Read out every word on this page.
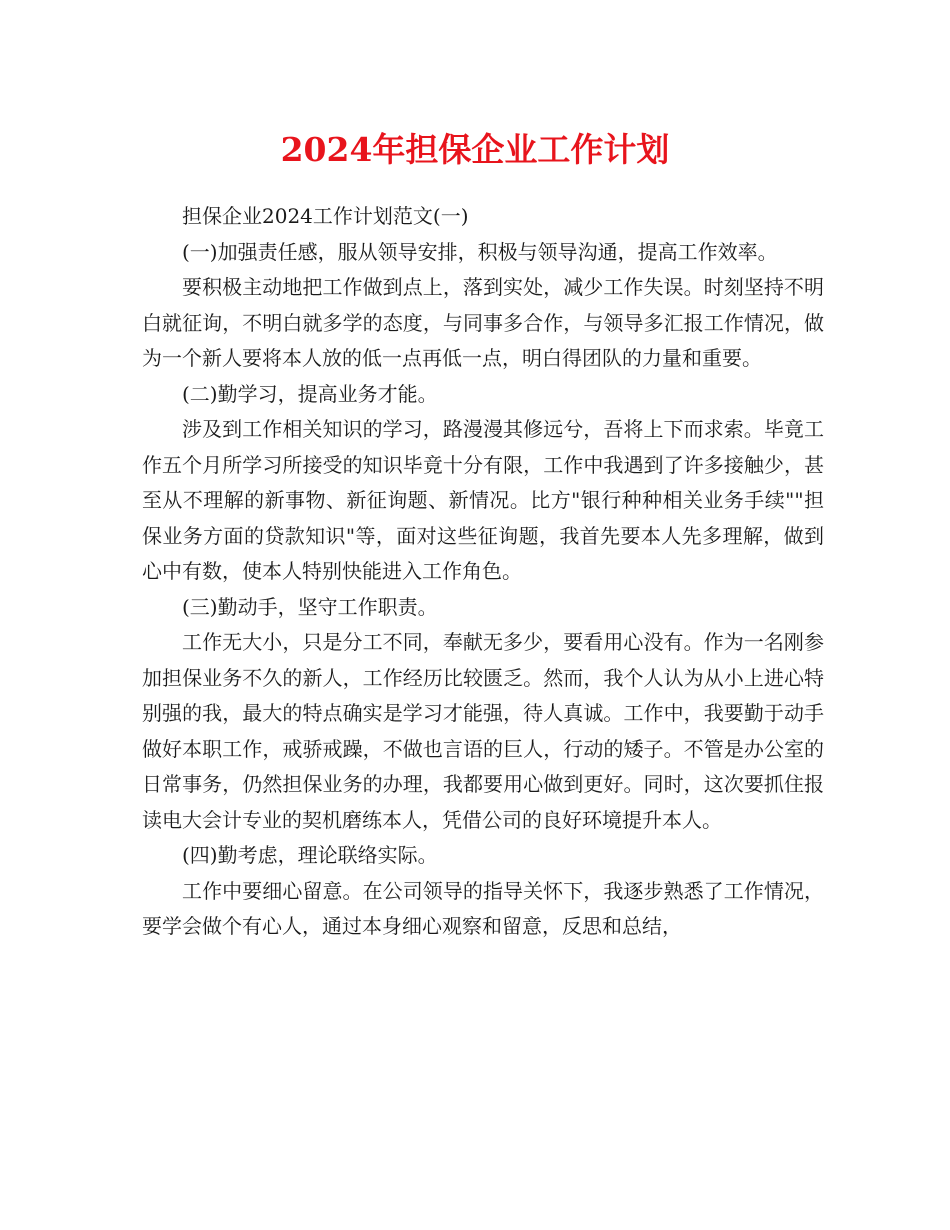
2024年担保企业工作计划

担保企业2024工作计划范文(一)

(一)加强责任感，服从领导安排，积极与领导沟通，提高工作效率。

要积极主动地把工作做到点上，落到实处，减少工作失误。时刻坚持不明白就征询，不明白就多学的态度，与同事多合作，与领导多汇报工作情况，做为一个新人要将本人放的低一点再低一点，明白得团队的力量和重要。

(二)勤学习，提高业务才能。

涉及到工作相关知识的学习，路漫漫其修远兮，吾将上下而求索。毕竟工作五个月所学习所接受的知识毕竟十分有限，工作中我遇到了许多接触少，甚至从不理解的新事物、新征询题、新情况。比方"银行种种相关业务手续""担保业务方面的贷款知识"等，面对这些征询题，我首先要本人先多理解，做到心中有数，使本人特别快能进入工作角色。

(三)勤动手，坚守工作职责。

工作无大小，只是分工不同，奉献无多少，要看用心没有。作为一名刚参加担保业务不久的新人，工作经历比较匮乏。然而，我个人认为从小上进心特别强的我，最大的特点确实是学习才能强，待人真诚。工作中，我要勤于动手做好本职工作，戒骄戒躁，不做也言语的巨人，行动的矮子。不管是办公室的日常事务，仍然担保业务的办理，我都要用心做到更好。同时，这次要抓住报读电大会计专业的契机磨练本人，凭借公司的良好环境提升本人。

(四)勤考虑，理论联络实际。

工作中要细心留意。在公司领导的指导关怀下，我逐步熟悉了工作情况，要学会做个有心人，通过本身细心观察和留意，反思和总结，
